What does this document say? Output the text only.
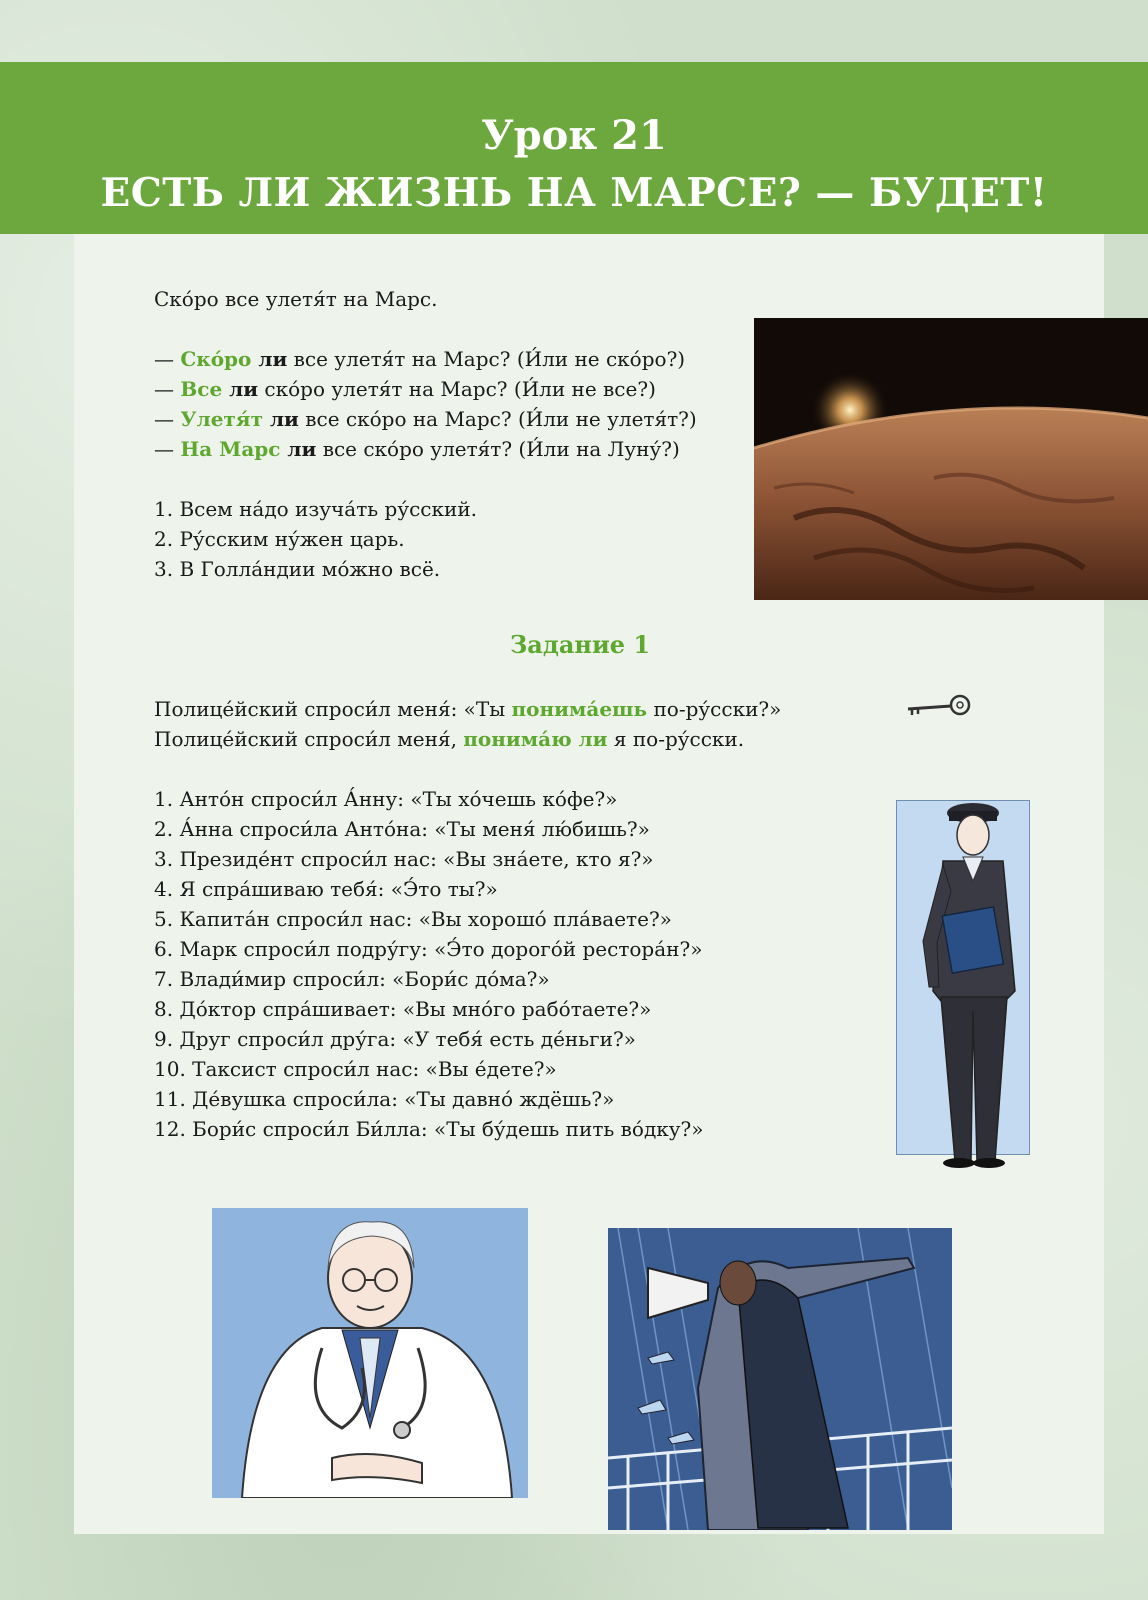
Урок 21
ЕСТЬ ЛИ ЖИЗНЬ НА МАРСЕ? — БУДЕТ!
Ско́ро все улетя́т на Марс.
— Ско́ро ли все улетя́т на Марс? (И́ли не ско́ро?)
— Все ли ско́ро улетя́т на Марс? (И́ли не все?)
— Улетя́т ли все ско́ро на Марс? (И́ли не улетя́т?)
— На Марс ли все ско́ро улетя́т? (И́ли на Луну́?)
1. Всем на́до изуча́ть ру́сский.
2. Ру́сским ну́жен царь.
3. В Голла́ндии мо́жно всё.
Задание 1
Полице́йский спроси́л меня́: «Ты понима́ешь по-ру́сски?»
Полице́йский спроси́л меня́, понима́ю ли я по-ру́сски.
1. Анто́н спроси́л А́нну: «Ты хо́чешь ко́фе?»
2. А́нна спроси́ла Анто́на: «Ты меня́ лю́бишь?»
3. Президе́нт спроси́л нас: «Вы зна́ете, кто я?»
4. Я спра́шиваю тебя́: «Э́то ты?»
5. Капита́н спроси́л нас: «Вы хорошо́ пла́ваете?»
6. Марк спроси́л подру́гу: «Э́то дорого́й рестора́н?»
7. Влади́мир спроси́л: «Бори́с до́ма?»
8. До́ктор спра́шивает: «Вы мно́го рабо́таете?»
9. Друг спроси́л дру́га: «У тебя́ есть де́ньги?»
10. Таксист спроси́л нас: «Вы е́дете?»
11. Де́вушка спроси́ла: «Ты давно́ ждёшь?»
12. Бори́с спроси́л Би́лла: «Ты бу́дешь пить во́дку?»
